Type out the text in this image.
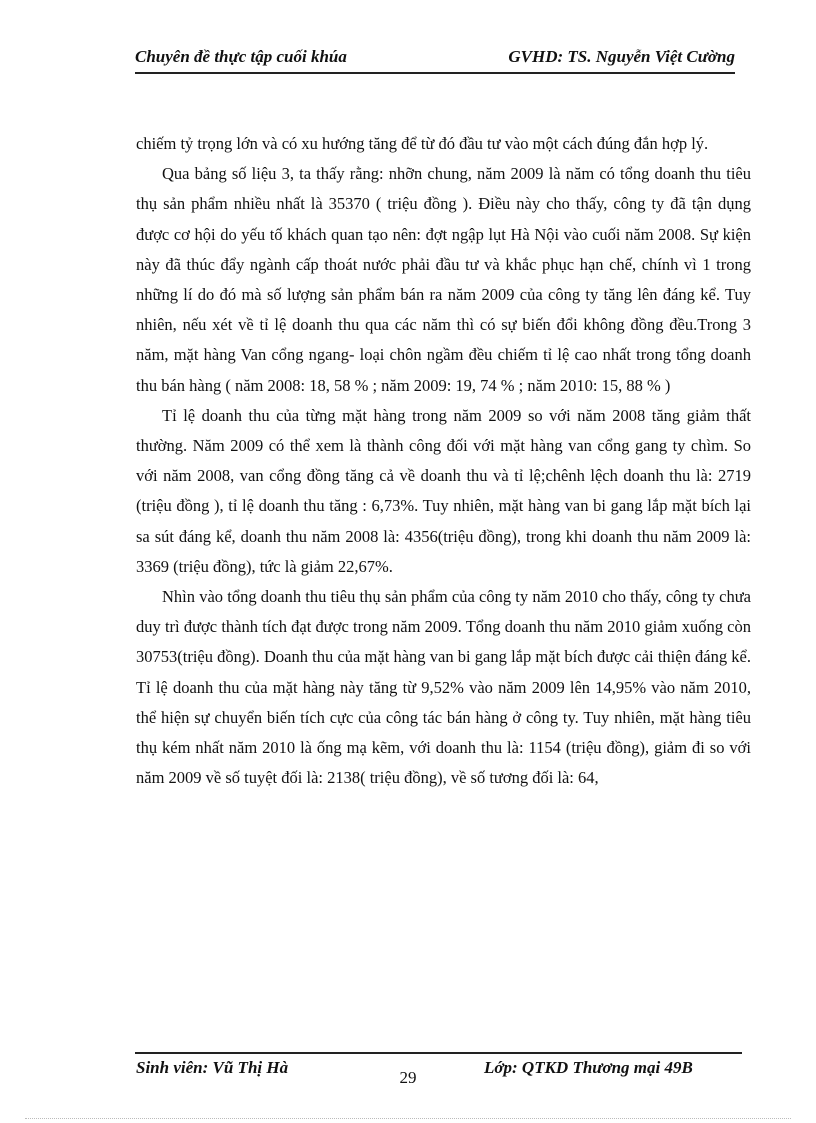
Chuyên đề thực tập cuối khúa	GVHD: TS. Nguyễn Việt Cường

chiếm tỷ trọng lớn và có xu hướng tăng để từ đó đầu tư vào một cách đúng đắn hợp lý.

Qua bảng số liệu 3, ta thấy rằng: nhỡn chung, năm 2009 là năm có tổng doanh thu tiêu thụ sản phẩm nhiều nhất là 35370 ( triệu đồng ). Điều này cho thấy, công ty đã tận dụng được cơ hội do yếu tố khách quan tạo nên: đợt ngập lụt Hà Nội vào cuối năm 2008. Sự kiện này đã thúc đẩy ngành cấp thoát nước phải đầu tư và khắc phục hạn chế, chính vì 1 trong những lí do đó mà số lượng sản phẩm bán ra năm 2009 của công ty tăng lên đáng kể. Tuy nhiên, nếu xét về tỉ lệ doanh thu qua các năm thì có sự biến đổi không đồng đều.Trong 3 năm, mặt hàng Van cổng ngang- loại chôn ngầm đều chiếm tỉ lệ cao nhất trong tổng doanh thu bán hàng ( năm 2008: 18, 58 % ; năm 2009: 19, 74 % ; năm 2010: 15, 88 % )

Tỉ lệ doanh thu của từng mặt hàng trong năm 2009 so với năm 2008 tăng giảm thất thường. Năm 2009 có thể xem là thành công đối với mặt hàng van cổng gang ty chìm. So với năm 2008, van cổng đồng tăng cả về doanh thu và tỉ lệ;chênh lệch doanh thu là: 2719 (triệu đồng ), tỉ lệ doanh thu tăng : 6,73%. Tuy nhiên, mặt hàng van bi gang lắp mặt bích lại sa sút đáng kể, doanh thu năm 2008 là: 4356(triệu đồng), trong khi doanh thu năm 2009 là: 3369 (triệu đồng), tức là giảm 22,67%.

Nhìn vào tổng doanh thu tiêu thụ sản phẩm của công ty năm 2010 cho thấy, công ty chưa duy trì được thành tích đạt được trong năm 2009. Tổng doanh thu năm 2010 giảm xuống còn 30753(triệu đồng). Doanh thu của mặt hàng van bi gang lắp mặt bích được cải thiện đáng kể. Tỉ lệ doanh thu của mặt hàng này tăng từ 9,52% vào năm 2009 lên 14,95% vào năm 2010, thể hiện sự chuyển biến tích cực của công tác bán hàng ở công ty. Tuy nhiên, mặt hàng tiêu thụ kém nhất năm 2010 là ống mạ kẽm, với doanh thu là: 1154 (triệu đồng), giảm đi so với năm 2009 về số tuyệt đối là: 2138( triệu đồng), về số tương đối là: 64,

Sinh viên: Vũ Thị Hà	Lớp: QTKD Thương mại 49B
29
